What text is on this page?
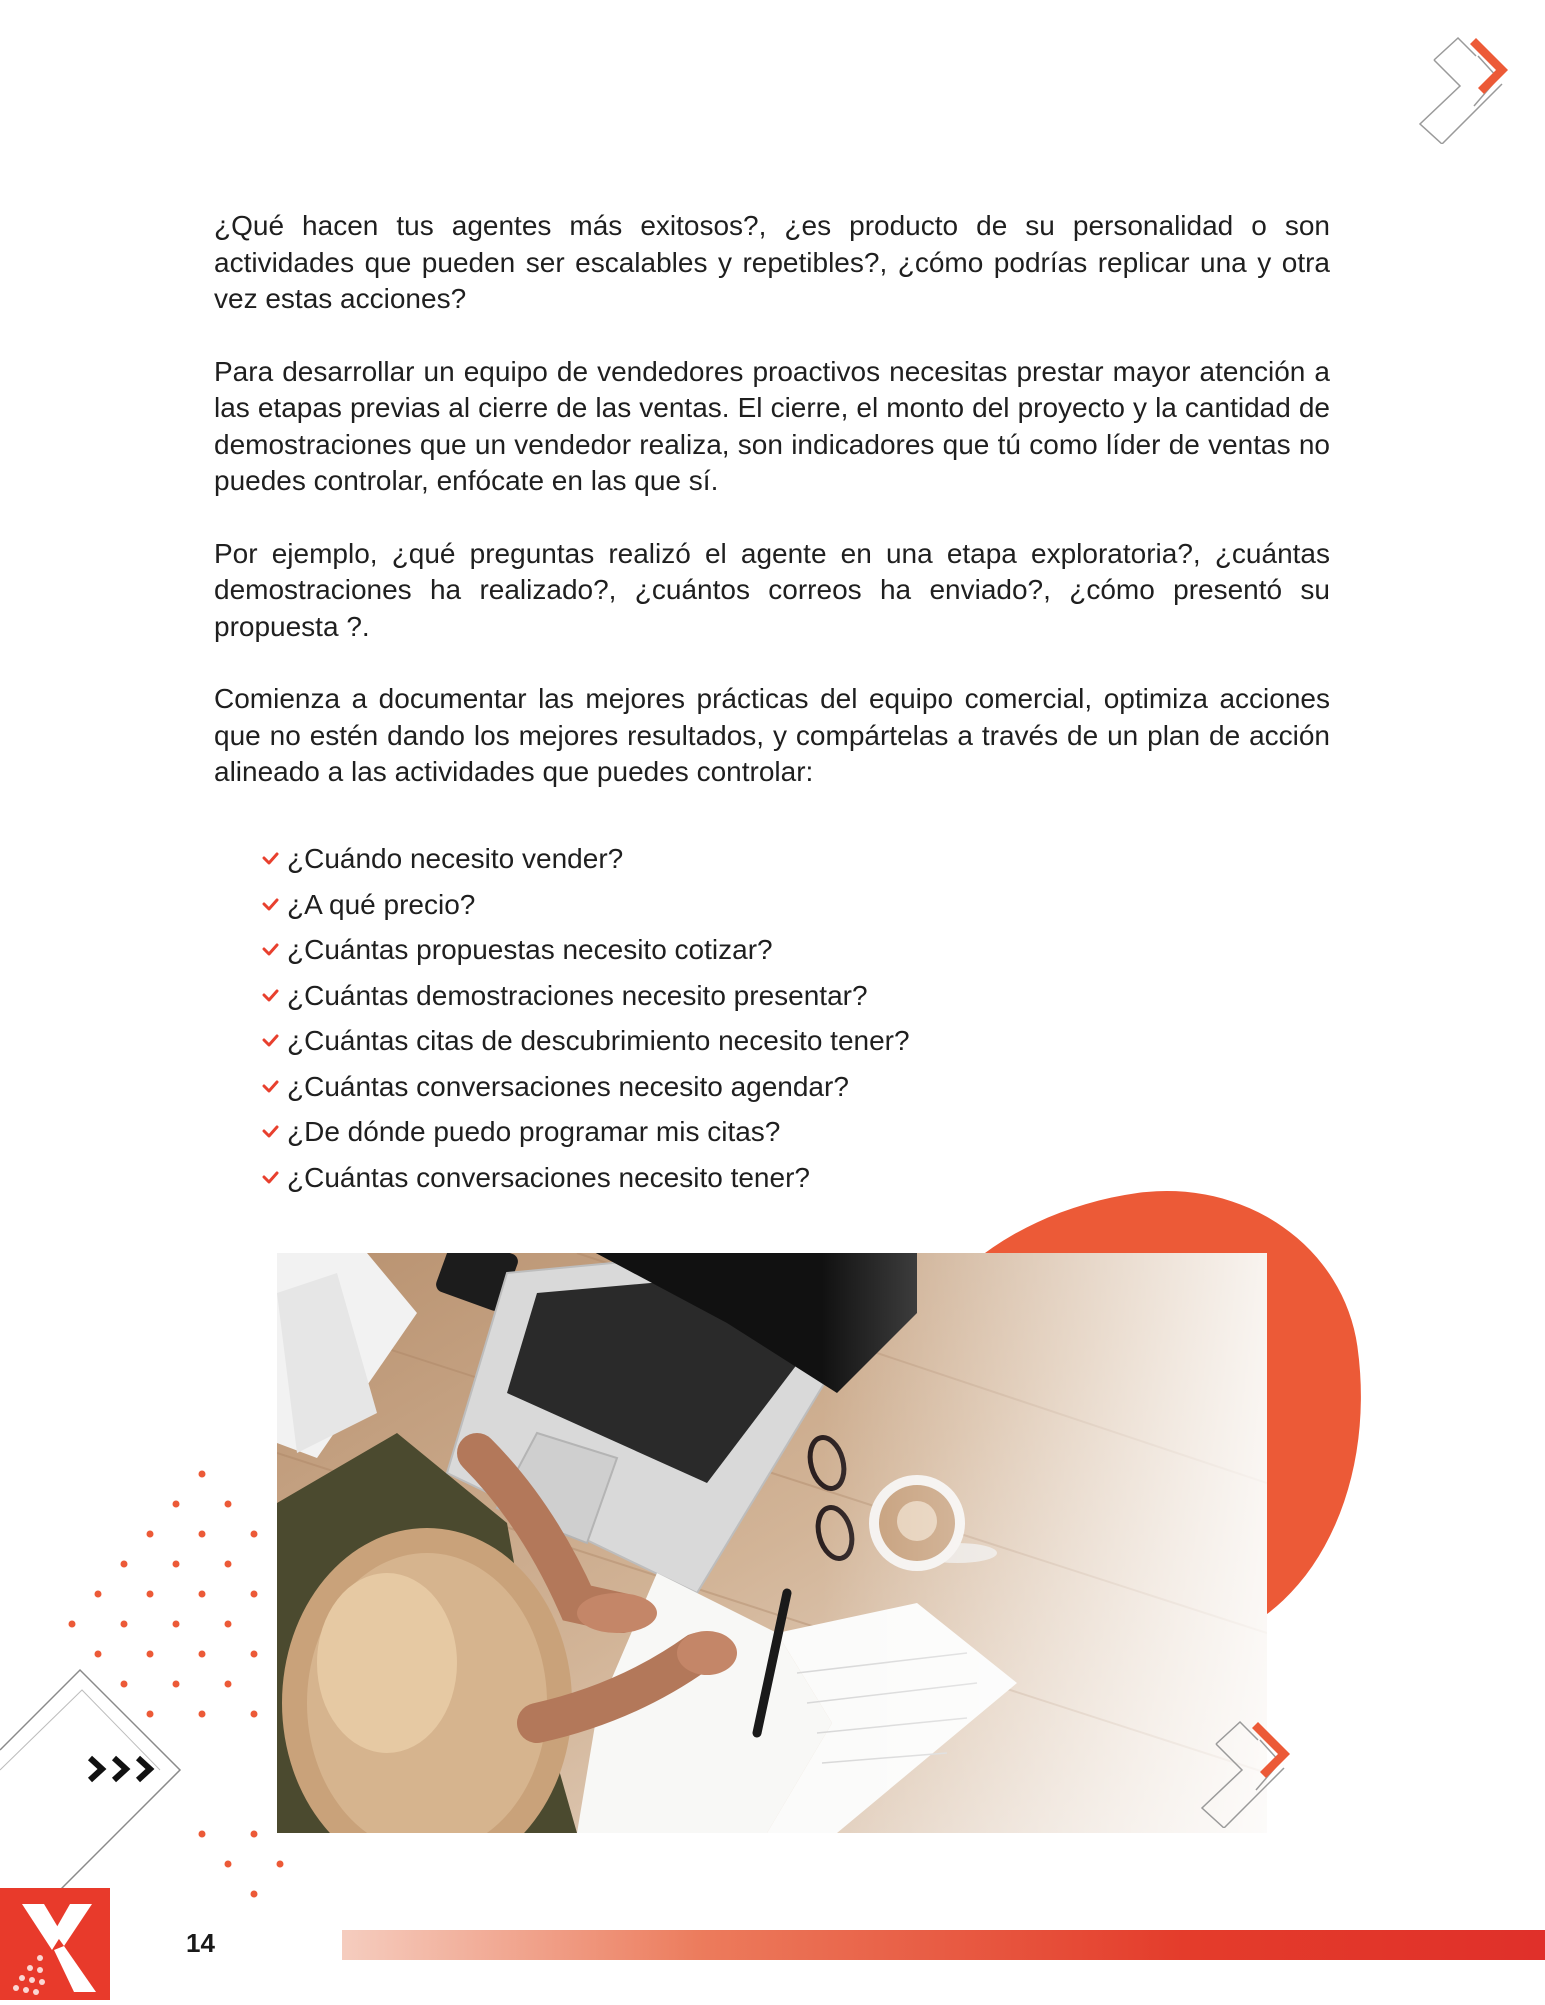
¿Qué hacen tus agentes más exitosos?, ¿es producto de su personalidad o son actividades que pueden ser escalables y repetibles?, ¿cómo podrías replicar una y otra vez estas acciones?

Para desarrollar un equipo de vendedores proactivos necesitas prestar mayor atención a las etapas previas al cierre de las ventas. El cierre, el monto del proyecto y la cantidad de demostraciones que un vendedor realiza, son indicadores que tú como líder de ventas no puedes controlar, enfócate en las que sí.

Por ejemplo, ¿qué preguntas realizó el agente en una etapa exploratoria?, ¿cuántas demostraciones ha realizado?, ¿cuántos correos ha enviado?, ¿cómo presentó su propuesta ?.

Comienza a documentar las mejores prácticas del equipo comercial, optimiza acciones que no estén dando los mejores resultados, y compártelas a través de un plan de acción alineado a las actividades que puedes controlar:

¿Cuándo necesito vender?
¿A qué precio?
¿Cuántas propuestas necesito cotizar?
¿Cuántas demostraciones necesito presentar?
¿Cuántas citas de descubrimiento necesito tener?
¿Cuántas conversaciones necesito agendar?
¿De dónde puedo programar mis citas?
¿Cuántas conversaciones necesito tener?
14
